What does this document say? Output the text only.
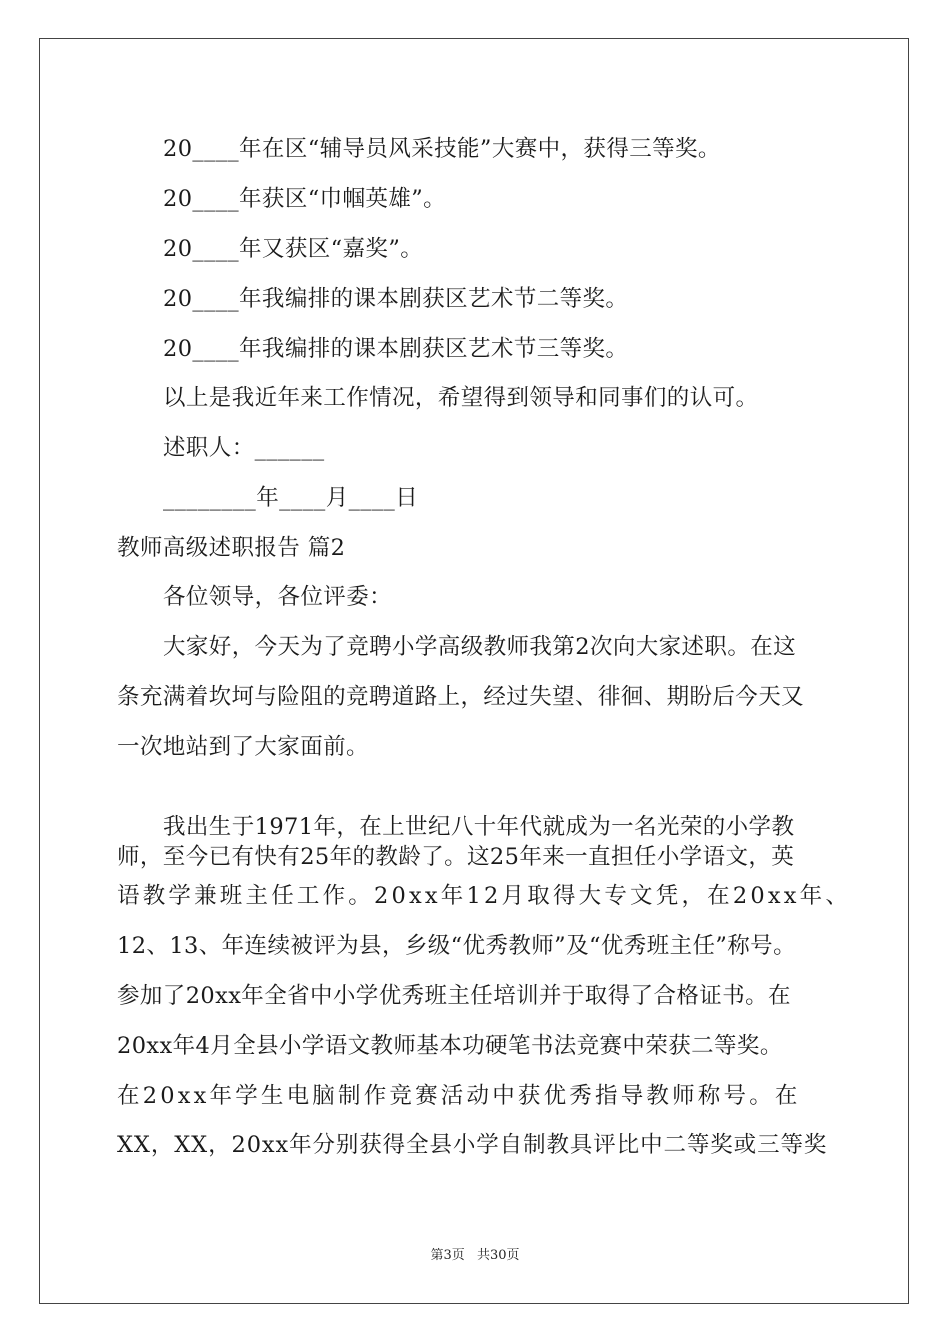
20____年在区“辅导员风采技能”大赛中，获得三等奖。
20____年获区“巾帼英雄”。
20____年又获区“嘉奖”。
20____年我编排的课本剧获区艺术节二等奖。
20____年我编排的课本剧获区艺术节三等奖。
以上是我近年来工作情况，希望得到领导和同事们的认可。
述职人：______
________年____月____日
教师高级述职报告 篇2
各位领导，各位评委：
大家好，今天为了竞聘小学高级教师我第2次向大家述职。在这
条充满着坎坷与险阻的竞聘道路上，经过失望、徘徊、期盼后今天又
一次地站到了大家面前。
我出生于1971年，在上世纪八十年代就成为一名光荣的小学教
师，至今已有快有25年的教龄了。这25年来一直担任小学语文，英
语教学兼班主任工作。20xx年12月取得大专文凭，在20xx年、
12、13、年连续被评为县，乡级“优秀教师”及“优秀班主任”称号。
参加了20xx年全省中小学优秀班主任培训并于取得了合格证书。在
20xx年4月全县小学语文教师基本功硬笔书法竞赛中荣获二等奖。
在20xx年学生电脑制作竞赛活动中获优秀指导教师称号。在
XX，XX，20xx年分别获得全县小学自制教具评比中二等奖或三等奖
第3页 共30页
